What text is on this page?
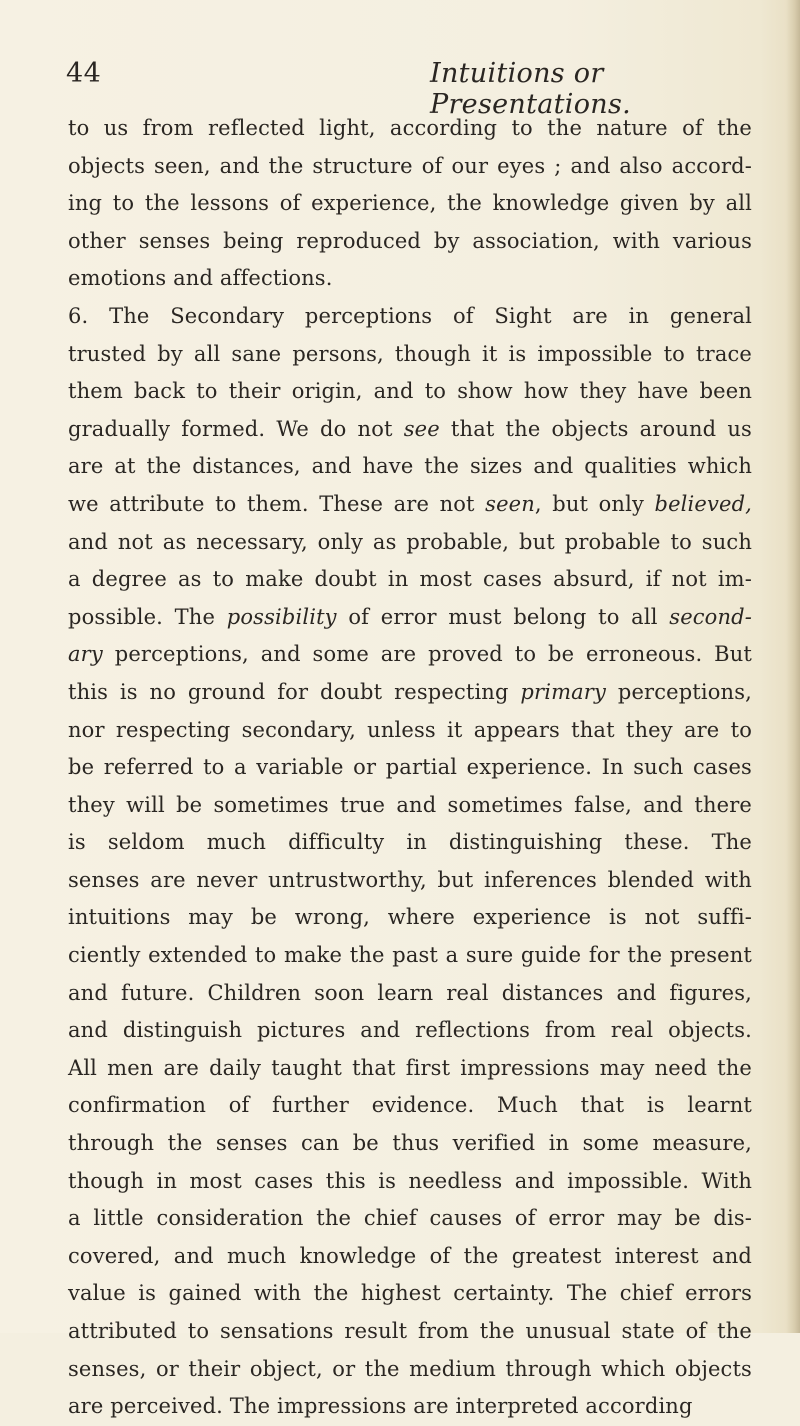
44	Intuitions or Presentations.
to us from reflected light, according to the nature of the
objects seen, and the structure of our eyes ; and also accord-
ing to the lessons of experience, the knowledge given by all
other senses being reproduced by association, with various
emotions and affections.
6. The Secondary perceptions of Sight are in general
trusted by all sane persons, though it is impossible to trace
them back to their origin, and to show how they have been
gradually formed. We do not see that the objects around us
are at the distances, and have the sizes and qualities which
we attribute to them. These are not seen, but only believed,
and not as necessary, only as probable, but probable to such
a degree as to make doubt in most cases absurd, if not im-
possible. The possibility of error must belong to all second-
ary perceptions, and some are proved to be erroneous. But
this is no ground for doubt respecting primary perceptions,
nor respecting secondary, unless it appears that they are to
be referred to a variable or partial experience. In such cases
they will be sometimes true and sometimes false, and there
is seldom much difficulty in distinguishing these. The
senses are never untrustworthy, but inferences blended with
intuitions may be wrong, where experience is not suffi-
ciently extended to make the past a sure guide for the present
and future. Children soon learn real distances and figures,
and distinguish pictures and reflections from real objects.
All men are daily taught that first impressions may need the
confirmation of further evidence. Much that is learnt
through the senses can be thus verified in some measure,
though in most cases this is needless and impossible. With
a little consideration the chief causes of error may be dis-
covered, and much knowledge of the greatest interest and
value is gained with the highest certainty. The chief errors
attributed to sensations result from the unusual state of the
senses, or their object, or the medium through which objects
are perceived. The impressions are interpreted according
